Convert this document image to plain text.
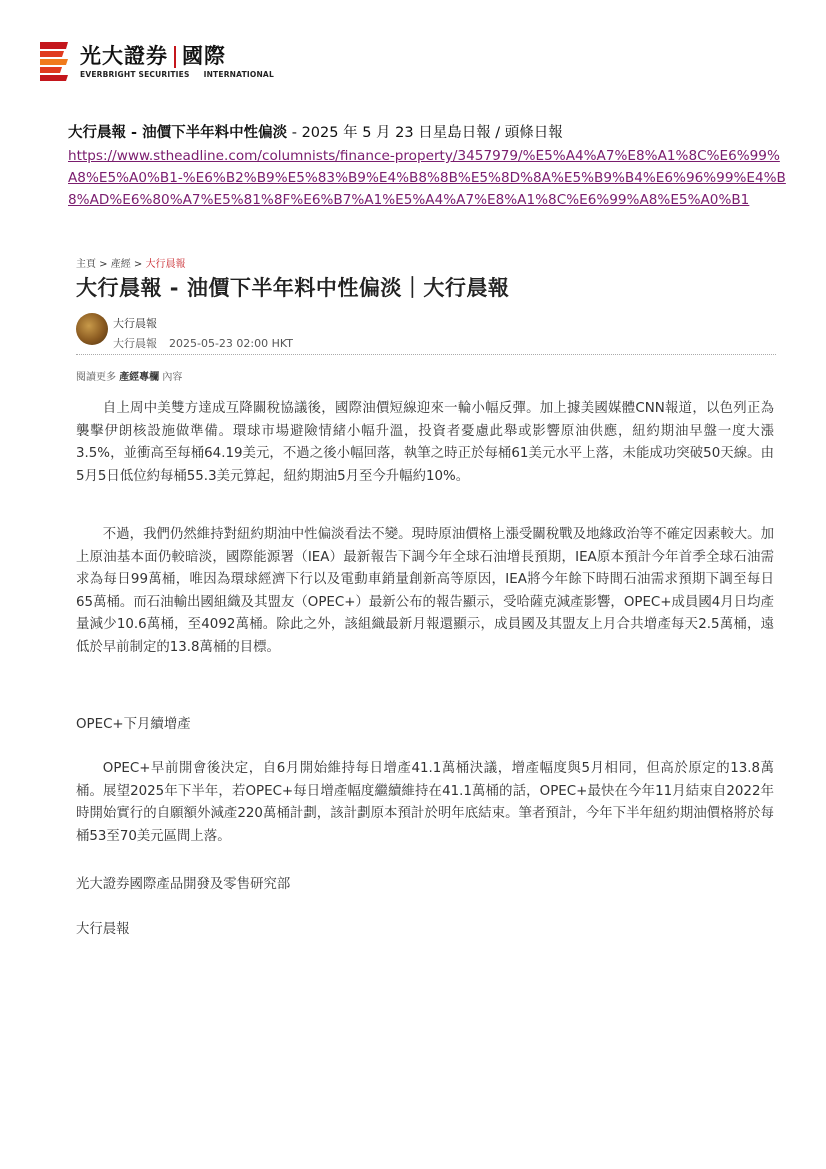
光大證券 國際
EVERBRIGHT SECURITIES INTERNATIONAL
大行晨報 - 油價下半年料中性偏淡 - 2025 年 5 月 23 日星島日報 / 頭條日報
https://www.stheadline.com/columnists/finance-property/3457979/%E5%A4%A7%E8%A1%8C%E6%99%A8%E5%A0%B1-%E6%B2%B9%E5%83%B9%E4%B8%8B%E5%8D%8A%E5%B9%B4%E6%96%99%E4%B8%AD%E6%80%A7%E5%81%8F%E6%B7%A1%E5%A4%A7%E8%A1%8C%E6%99%A8%E5%A0%B1
主頁 > 產經 > 大行晨報
大行晨報 - 油價下半年料中性偏淡｜大行晨報
大行晨報
大行晨報 2025-05-23 02:00 HKT
閱讀更多 產經專欄 內容
自上周中美雙方達成互降關稅協議後，國際油價短線迎來一輪小幅反彈。加上據美國媒體CNN報道，以色列正為襲擊伊朗核設施做準備。環球市場避險情緒小幅升溫，投資者憂慮此舉或影響原油供應，紐約期油早盤一度大漲3.5%，並衝高至每桶64.19美元，不過之後小幅回落，執筆之時正於每桶61美元水平上落，未能成功突破50天線。由5月5日低位約每桶55.3美元算起，紐約期油5月至今升幅約10%。
不過，我們仍然維持對紐約期油中性偏淡看法不變。現時原油價格上漲受關稅戰及地緣政治等不確定因素較大。加上原油基本面仍較暗淡，國際能源署（IEA）最新報告下調今年全球石油增長預期，IEA原本預計今年首季全球石油需求為每日99萬桶，唯因為環球經濟下行以及電動車銷量創新高等原因，IEA將今年餘下時間石油需求預期下調至每日65萬桶。而石油輸出國組織及其盟友（OPEC+）最新公布的報告顯示，受哈薩克減產影響，OPEC+成員國4月日均產量減少10.6萬桶，至4092萬桶。除此之外，該組織最新月報還顯示，成員國及其盟友上月合共增產每天2.5萬桶，遠低於早前制定的13.8萬桶的目標。
OPEC+下月續增產
OPEC+早前開會後決定，自6月開始維持每日增產41.1萬桶決議，增產幅度與5月相同，但高於原定的13.8萬桶。展望2025年下半年，若OPEC+每日增產幅度繼續維持在41.1萬桶的話，OPEC+最快在今年11月結束自2022年時開始實行的自願額外減產220萬桶計劃，該計劃原本預計於明年底結束。筆者預計，今年下半年紐約期油價格將於每桶53至70美元區間上落。
光大證券國際產品開發及零售研究部
大行晨報
